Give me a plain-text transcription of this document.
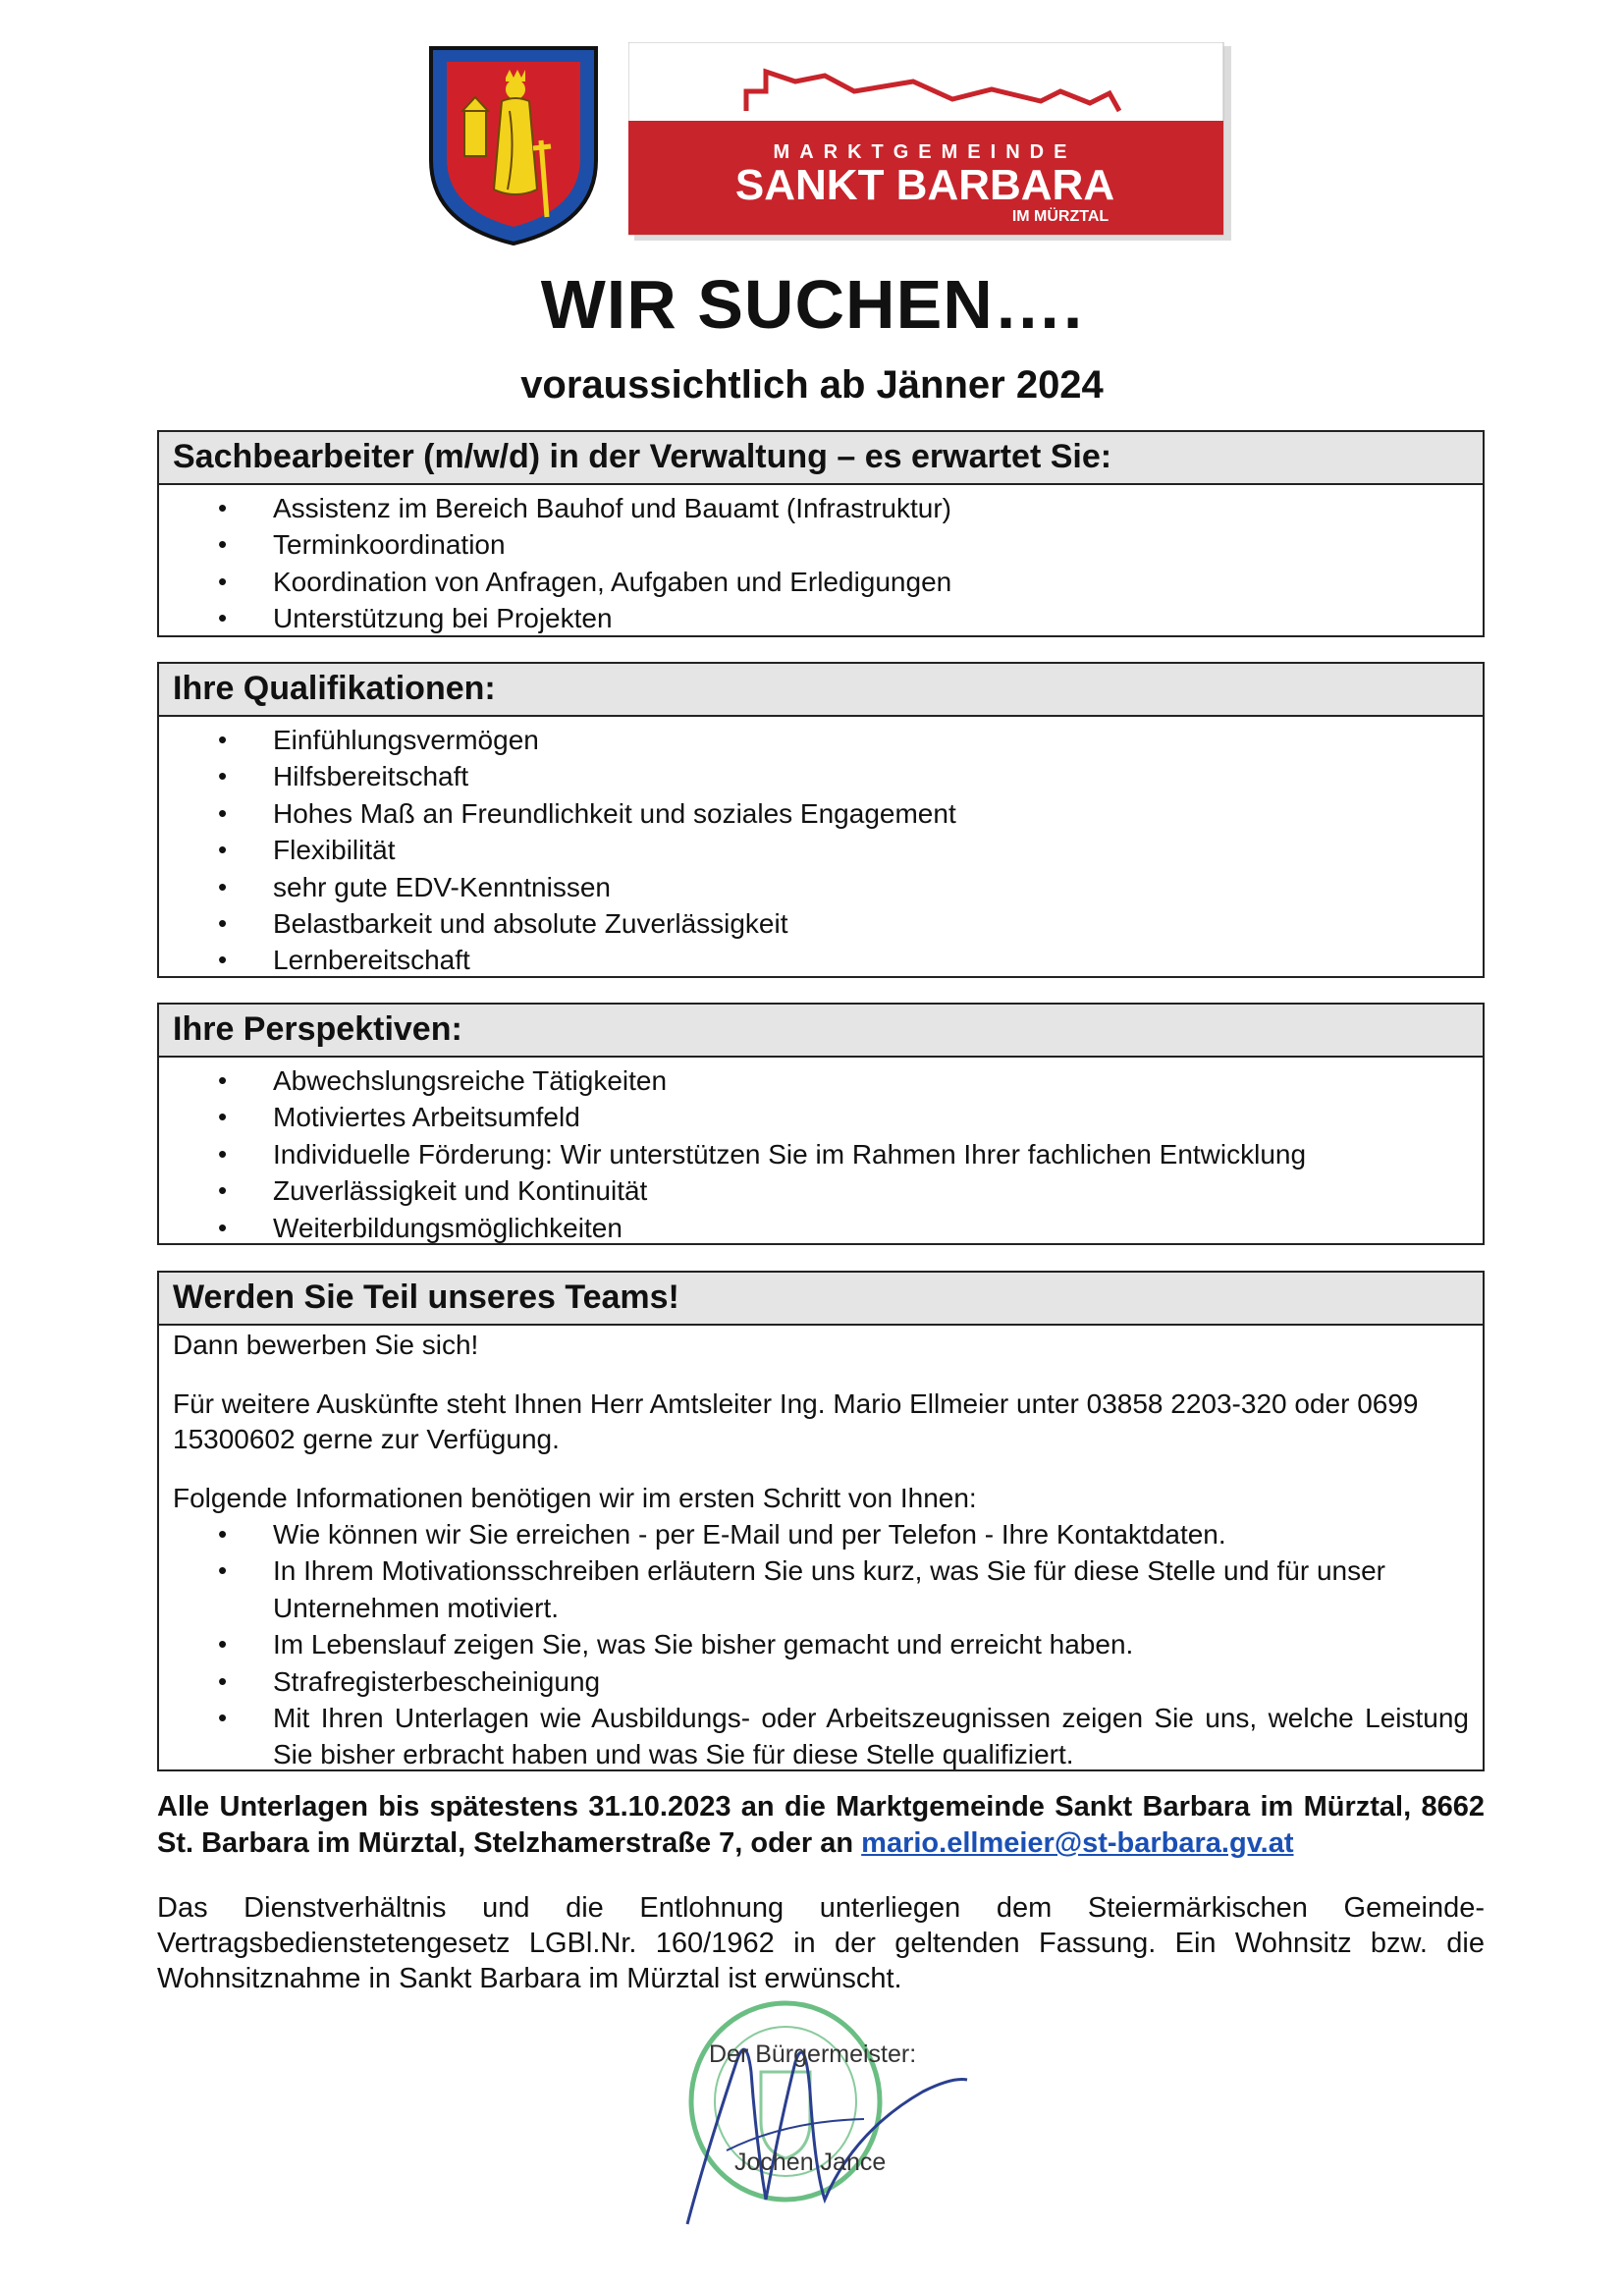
MARKTGEMEINDE
SANKT BARBARA
IM MÜRZTAL
WIR SUCHEN….
voraussichtlich ab Jänner 2024
Sachbearbeiter (m/w/d) in der Verwaltung – es erwartet Sie:
• Assistenz im Bereich Bauhof und Bauamt (Infrastruktur)
• Terminkoordination
• Koordination von Anfragen, Aufgaben und Erledigungen
• Unterstützung bei Projekten
Ihre Qualifikationen:
• Einfühlungsvermögen
• Hilfsbereitschaft
• Hohes Maß an Freundlichkeit und soziales Engagement
• Flexibilität
• sehr gute EDV-Kenntnissen
• Belastbarkeit und absolute Zuverlässigkeit
• Lernbereitschaft
Ihre Perspektiven:
• Abwechslungsreiche Tätigkeiten
• Motiviertes Arbeitsumfeld
• Individuelle Förderung: Wir unterstützen Sie im Rahmen Ihrer fachlichen Entwicklung
• Zuverlässigkeit und Kontinuität
• Weiterbildungsmöglichkeiten
Werden Sie Teil unseres Teams!

Dann bewerben Sie sich!

Für weitere Auskünfte steht Ihnen Herr Amtsleiter Ing. Mario Ellmeier unter 03858 2203-320 oder 0699 15300602 gerne zur Verfügung.

Folgende Informationen benötigen wir im ersten Schritt von Ihnen:

• Wie können wir Sie erreichen - per E-Mail und per Telefon - Ihre Kontaktdaten.
• In Ihrem Motivationsschreiben erläutern Sie uns kurz, was Sie für diese Stelle und für unser Unternehmen motiviert.
• Im Lebenslauf zeigen Sie, was Sie bisher gemacht und erreicht haben.
• Strafregisterbescheinigung
• Mit Ihren Unterlagen wie Ausbildungs- oder Arbeitszeugnissen zeigen Sie uns, welche Leistung Sie bisher erbracht haben und was Sie für diese Stelle qualifiziert.

Alle Unterlagen bis spätestens 31.10.2023 an die Marktgemeinde Sankt Barbara im Mürztal, 8662 St. Barbara im Mürztal, Stelzhamerstraße 7, oder an mario.ellmeier@st-barbara.gv.at

Das Dienstverhältnis und die Entlohnung unterliegen dem Steiermärkischen Gemeinde-Vertragsbedienstetengesetz LGBl.Nr. 160/1962 in der geltenden Fassung. Ein Wohnsitz bzw. die Wohnsitznahme in Sankt Barbara im Mürztal ist erwünscht.

Der Bürgermeister:

Jochen Jance
